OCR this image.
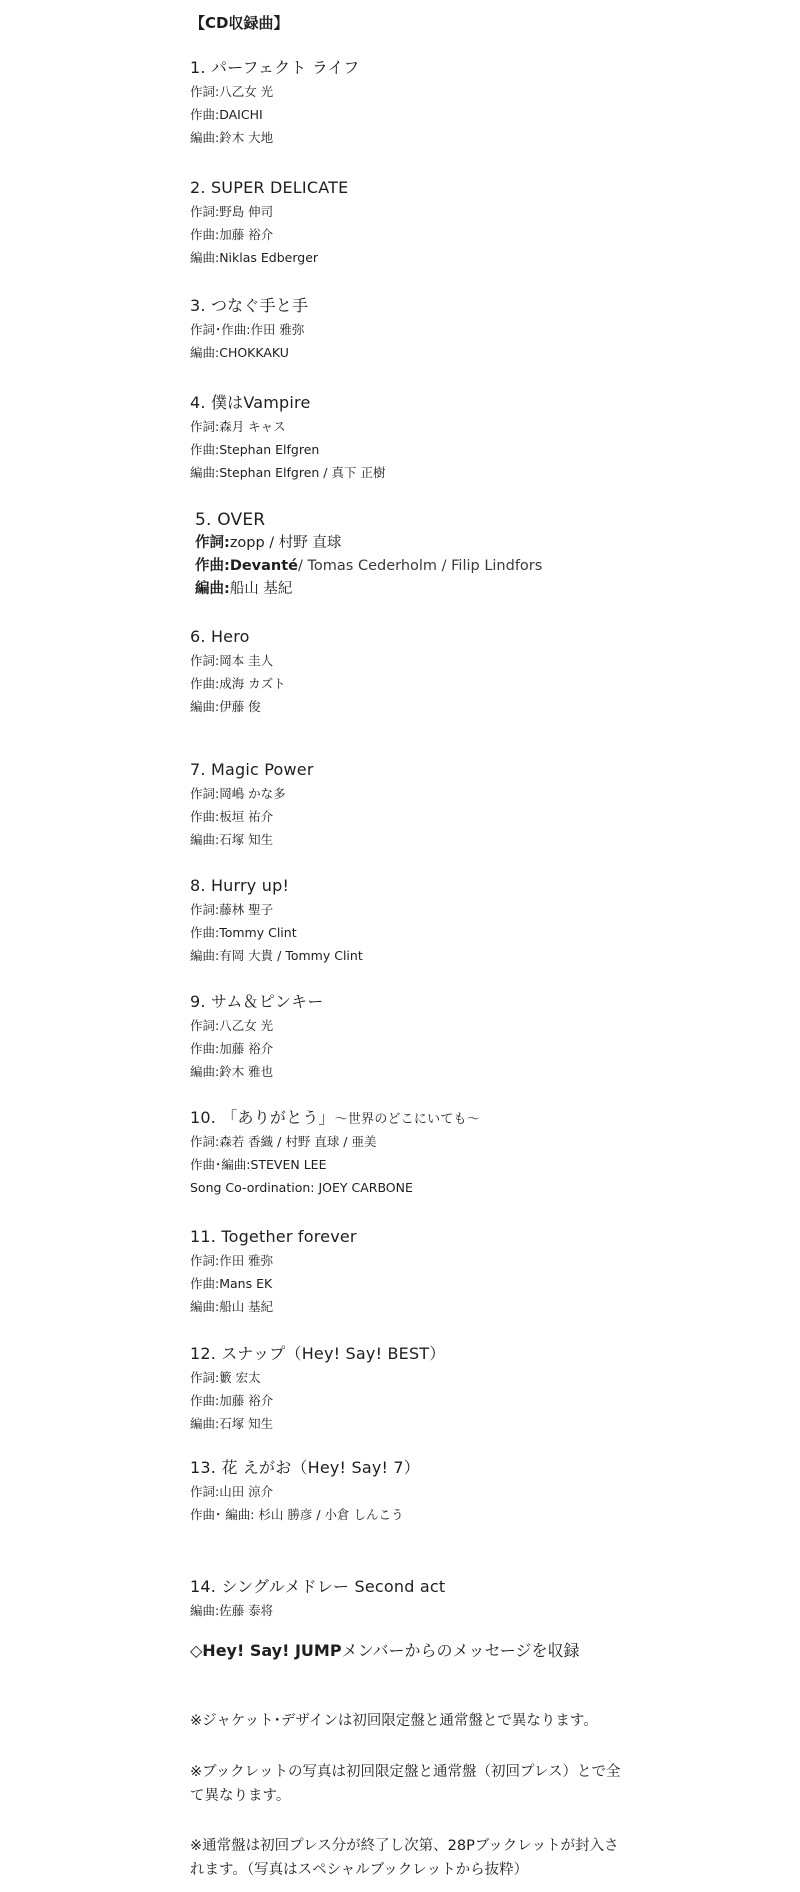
【CD収録曲】
1. パーフェクト ライフ
作詞:八乙女 光
作曲:DAICHI
編曲:鈴木 大地
2. SUPER DELICATE
作詞:野島 伸司
作曲:加藤 裕介
編曲:Niklas Edberger
3. つなぐ手と手
作詞･作曲:作田 雅弥
編曲:CHOKKAKU
4. 僕はVampire
作詞:森月 キャス
作曲:Stephan Elfgren
編曲:Stephan Elfgren / 真下 正樹
5. OVER
作詞:zopp / 村野 直球
作曲:Devanté/ Tomas Cederholm / Filip Lindfors
編曲:船山 基紀
6. Hero
作詞:岡本 圭人
作曲:成海 カズト
編曲:伊藤 俊
7. Magic Power
作詞:岡嶋 かな多
作曲:板垣 祐介
編曲:石塚 知生
8. Hurry up!
作詞:藤林 聖子
作曲:Tommy Clint
編曲:有岡 大貴 / Tommy Clint
9. サム＆ピンキー
作詞:八乙女 光
作曲:加藤 裕介
編曲:鈴木 雅也
10. 「ありがとう」～世界のどこにいても～
作詞:森若 香織 / 村野 直球 / 亜美
作曲･編曲:STEVEN LEE
Song Co-ordination: JOEY CARBONE
11. Together forever
作詞:作田 雅弥
作曲:Mans EK
編曲:船山 基紀
12. スナップ（Hey! Say! BEST）
作詞:籔 宏太
作曲:加藤 裕介
編曲:石塚 知生
13. 花 えがお（Hey! Say! 7）
作詞:山田 涼介
作曲･ 編曲: 杉山 勝彦 / 小倉 しんこう
14. シングルメドレー Second act
編曲:佐藤 泰将
◇Hey! Say! JUMPメンバーからのメッセージを収録
※ジャケット･デザインは初回限定盤と通常盤とで異なります。
※ブックレットの写真は初回限定盤と通常盤（初回プレス）とで全て異なります。
※通常盤は初回プレス分が終了し次第、28Pブックレットが封入されます。（写真はスペシャルブックレットから抜粋）
